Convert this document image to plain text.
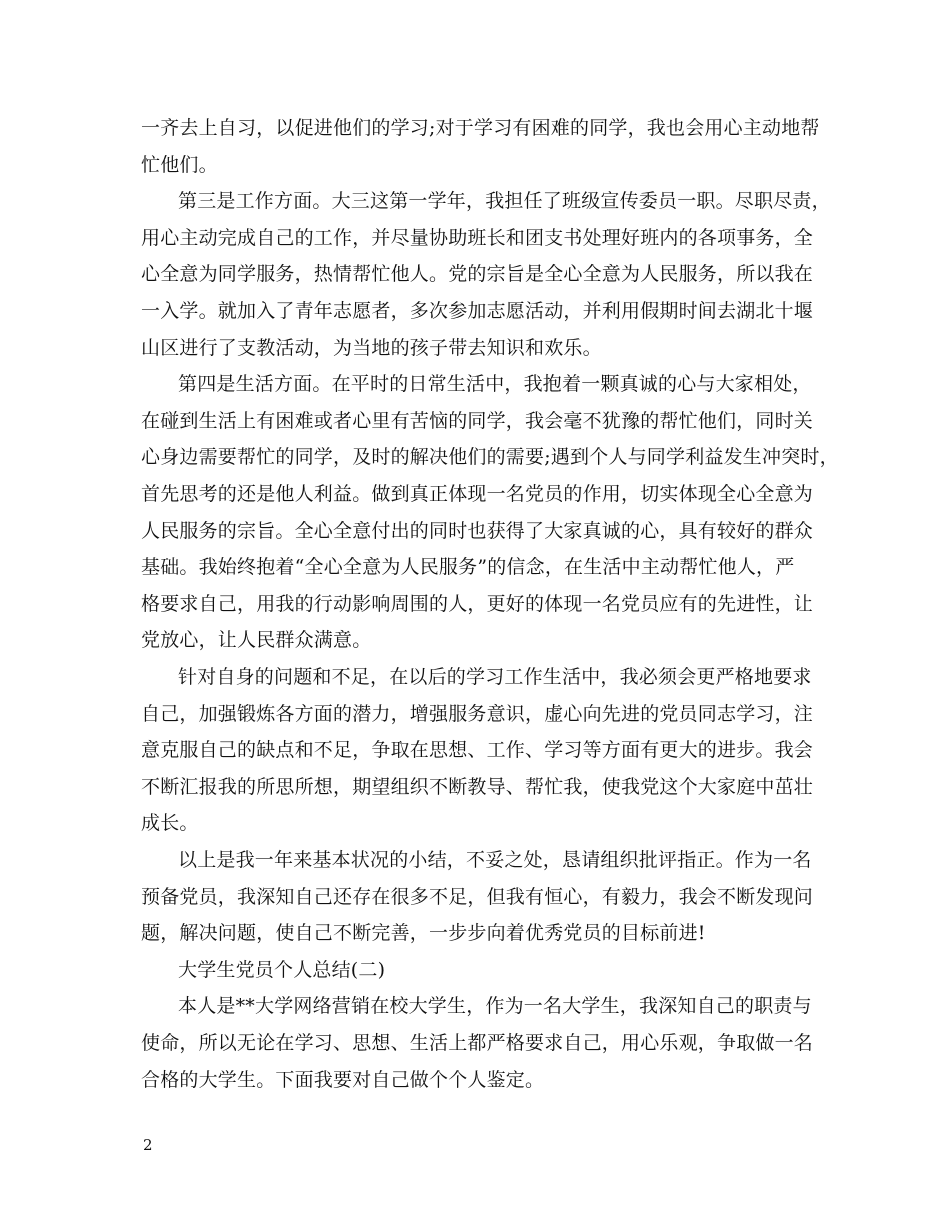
一齐去上自习，以促进他们的学习;对于学习有困难的同学，我也会用心主动地帮
忙他们。
第三是工作方面。大三这第一学年，我担任了班级宣传委员一职。尽职尽责，
用心主动完成自己的工作，并尽量协助班长和团支书处理好班内的各项事务，全
心全意为同学服务，热情帮忙他人。党的宗旨是全心全意为人民服务，所以我在
一入学。就加入了青年志愿者，多次参加志愿活动，并利用假期时间去湖北十堰
山区进行了支教活动，为当地的孩子带去知识和欢乐。
第四是生活方面。在平时的日常生活中，我抱着一颗真诚的心与大家相处，
在碰到生活上有困难或者心里有苦恼的同学，我会毫不犹豫的帮忙他们，同时关
心身边需要帮忙的同学，及时的解决他们的需要;遇到个人与同学利益发生冲突时，
首先思考的还是他人利益。做到真正体现一名党员的作用，切实体现全心全意为
人民服务的宗旨。全心全意付出的同时也获得了大家真诚的心，具有较好的群众
基础。我始终抱着“全心全意为人民服务”的信念，在生活中主动帮忙他人，严
格要求自己，用我的行动影响周围的人，更好的体现一名党员应有的先进性，让
党放心，让人民群众满意。
针对自身的问题和不足，在以后的学习工作生活中，我必须会更严格地要求
自己，加强锻炼各方面的潜力，增强服务意识，虚心向先进的党员同志学习，注
意克服自己的缺点和不足，争取在思想、工作、学习等方面有更大的进步。我会
不断汇报我的所思所想，期望组织不断教导、帮忙我，使我党这个大家庭中茁壮
成长。
以上是我一年来基本状况的小结，不妥之处，恳请组织批评指正。作为一名
预备党员，我深知自己还存在很多不足，但我有恒心，有毅力，我会不断发现问
题，解决问题，使自己不断完善，一步步向着优秀党员的目标前进!
大学生党员个人总结(二)
本人是**大学网络营销在校大学生，作为一名大学生，我深知自己的职责与
使命，所以无论在学习、思想、生活上都严格要求自己，用心乐观，争取做一名
合格的大学生。下面我要对自己做个个人鉴定。
2
